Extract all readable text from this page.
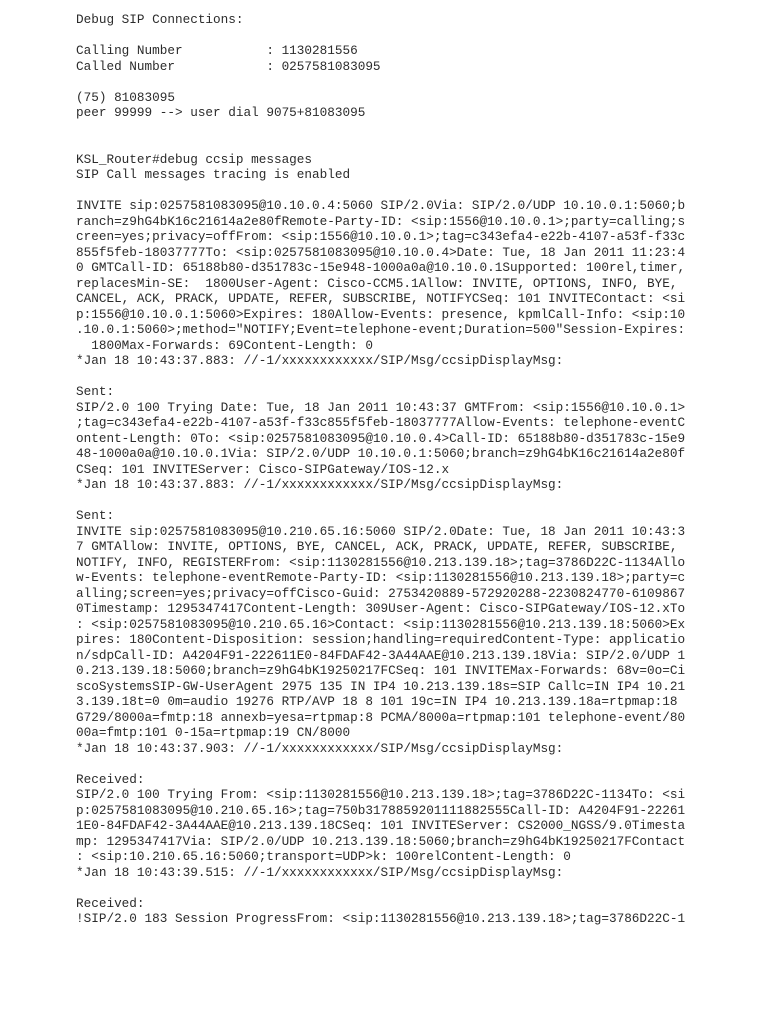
Debug SIP Connections:
Calling Number           : 1130281556
Called Number            : 0257581083095
(75) 81083095
peer 99999 --> user dial 9075+81083095
KSL_Router#debug ccsip messages
SIP Call messages tracing is enabled
INVITE sip:0257581083095@10.10.0.4:5060 SIP/2.0Via: SIP/2.0/UDP 10.10.0.1:5060;b
ranch=z9hG4bK16c21614a2e80fRemote-Party-ID: <sip:1556@10.10.0.1>;party=calling;s
creen=yes;privacy=offFrom: <sip:1556@10.10.0.1>;tag=c343efa4-e22b-4107-a53f-f33c
855f5feb-18037777To: <sip:0257581083095@10.10.0.4>Date: Tue, 18 Jan 2011 11:23:4
0 GMTCall-ID: 65188b80-d351783c-15e948-1000a0a@10.10.0.1Supported: 100rel,timer,
replacesMin-SE:  1800User-Agent: Cisco-CCM5.1Allow: INVITE, OPTIONS, INFO, BYE,
CANCEL, ACK, PRACK, UPDATE, REFER, SUBSCRIBE, NOTIFYCSeq: 101 INVITEContact: <si
p:1556@10.10.0.1:5060>Expires: 180Allow-Events: presence, kpmlCall-Info: <sip:10
.10.0.1:5060>;method="NOTIFY;Event=telephone-event;Duration=500"Session-Expires:
1800Max-Forwards: 69Content-Length: 0
*Jan 18 10:43:37.883: //-1/xxxxxxxxxxxx/SIP/Msg/ccsipDisplayMsg:
Sent:
SIP/2.0 100 Trying Date: Tue, 18 Jan 2011 10:43:37 GMTFrom: <sip:1556@10.10.0.1>
;tag=c343efa4-e22b-4107-a53f-f33c855f5feb-18037777Allow-Events: telephone-eventC
ontent-Length: 0To: <sip:0257581083095@10.10.0.4>Call-ID: 65188b80-d351783c-15e9
48-1000a0a@10.10.0.1Via: SIP/2.0/UDP 10.10.0.1:5060;branch=z9hG4bK16c21614a2e80f
CSeq: 101 INVITEServer: Cisco-SIPGateway/IOS-12.x
*Jan 18 10:43:37.883: //-1/xxxxxxxxxxxx/SIP/Msg/ccsipDisplayMsg:
Sent:
INVITE sip:0257581083095@10.210.65.16:5060 SIP/2.0Date: Tue, 18 Jan 2011 10:43:3
7 GMTAllow: INVITE, OPTIONS, BYE, CANCEL, ACK, PRACK, UPDATE, REFER, SUBSCRIBE,
NOTIFY, INFO, REGISTERFrom: <sip:1130281556@10.213.139.18>;tag=3786D22C-1134Allo
w-Events: telephone-eventRemote-Party-ID: <sip:1130281556@10.213.139.18>;party=c
alling;screen=yes;privacy=offCisco-Guid: 2753420889-572920288-2230824770-6109867
0Timestamp: 1295347417Content-Length: 309User-Agent: Cisco-SIPGateway/IOS-12.xTo
: <sip:0257581083095@10.210.65.16>Contact: <sip:1130281556@10.213.139.18:5060>Ex
pires: 180Content-Disposition: session;handling=requiredContent-Type: applicatio
n/sdpCall-ID: A4204F91-222611E0-84FDAF42-3A44AAE@10.213.139.18Via: SIP/2.0/UDP 1
0.213.139.18:5060;branch=z9hG4bK19250217FCSeq: 101 INVITEMax-Forwards: 68v=0o=Ci
scoSystemsSIP-GW-UserAgent 2975 135 IN IP4 10.213.139.18s=SIP Callc=IN IP4 10.21
3.139.18t=0 0m=audio 19276 RTP/AVP 18 8 101 19c=IN IP4 10.213.139.18a=rtpmap:18
G729/8000a=fmtp:18 annexb=yesa=rtpmap:8 PCMA/8000a=rtpmap:101 telephone-event/80
00a=fmtp:101 0-15a=rtpmap:19 CN/8000
*Jan 18 10:43:37.903: //-1/xxxxxxxxxxxx/SIP/Msg/ccsipDisplayMsg:
Received:
SIP/2.0 100 Trying From: <sip:1130281556@10.213.139.18>;tag=3786D22C-1134To: <si
p:0257581083095@10.210.65.16>;tag=750b3178859201111882555Call-ID: A4204F91-22261
1E0-84FDAF42-3A44AAE@10.213.139.18CSeq: 101 INVITEServer: CS2000_NGSS/9.0Timesta
mp: 1295347417Via: SIP/2.0/UDP 10.213.139.18:5060;branch=z9hG4bK19250217FContact
: <sip:10.210.65.16:5060;transport=UDP>k: 100relContent-Length: 0
*Jan 18 10:43:39.515: //-1/xxxxxxxxxxxx/SIP/Msg/ccsipDisplayMsg:
Received:
!SIP/2.0 183 Session ProgressFrom: <sip:1130281556@10.213.139.18>;tag=3786D22C-1
